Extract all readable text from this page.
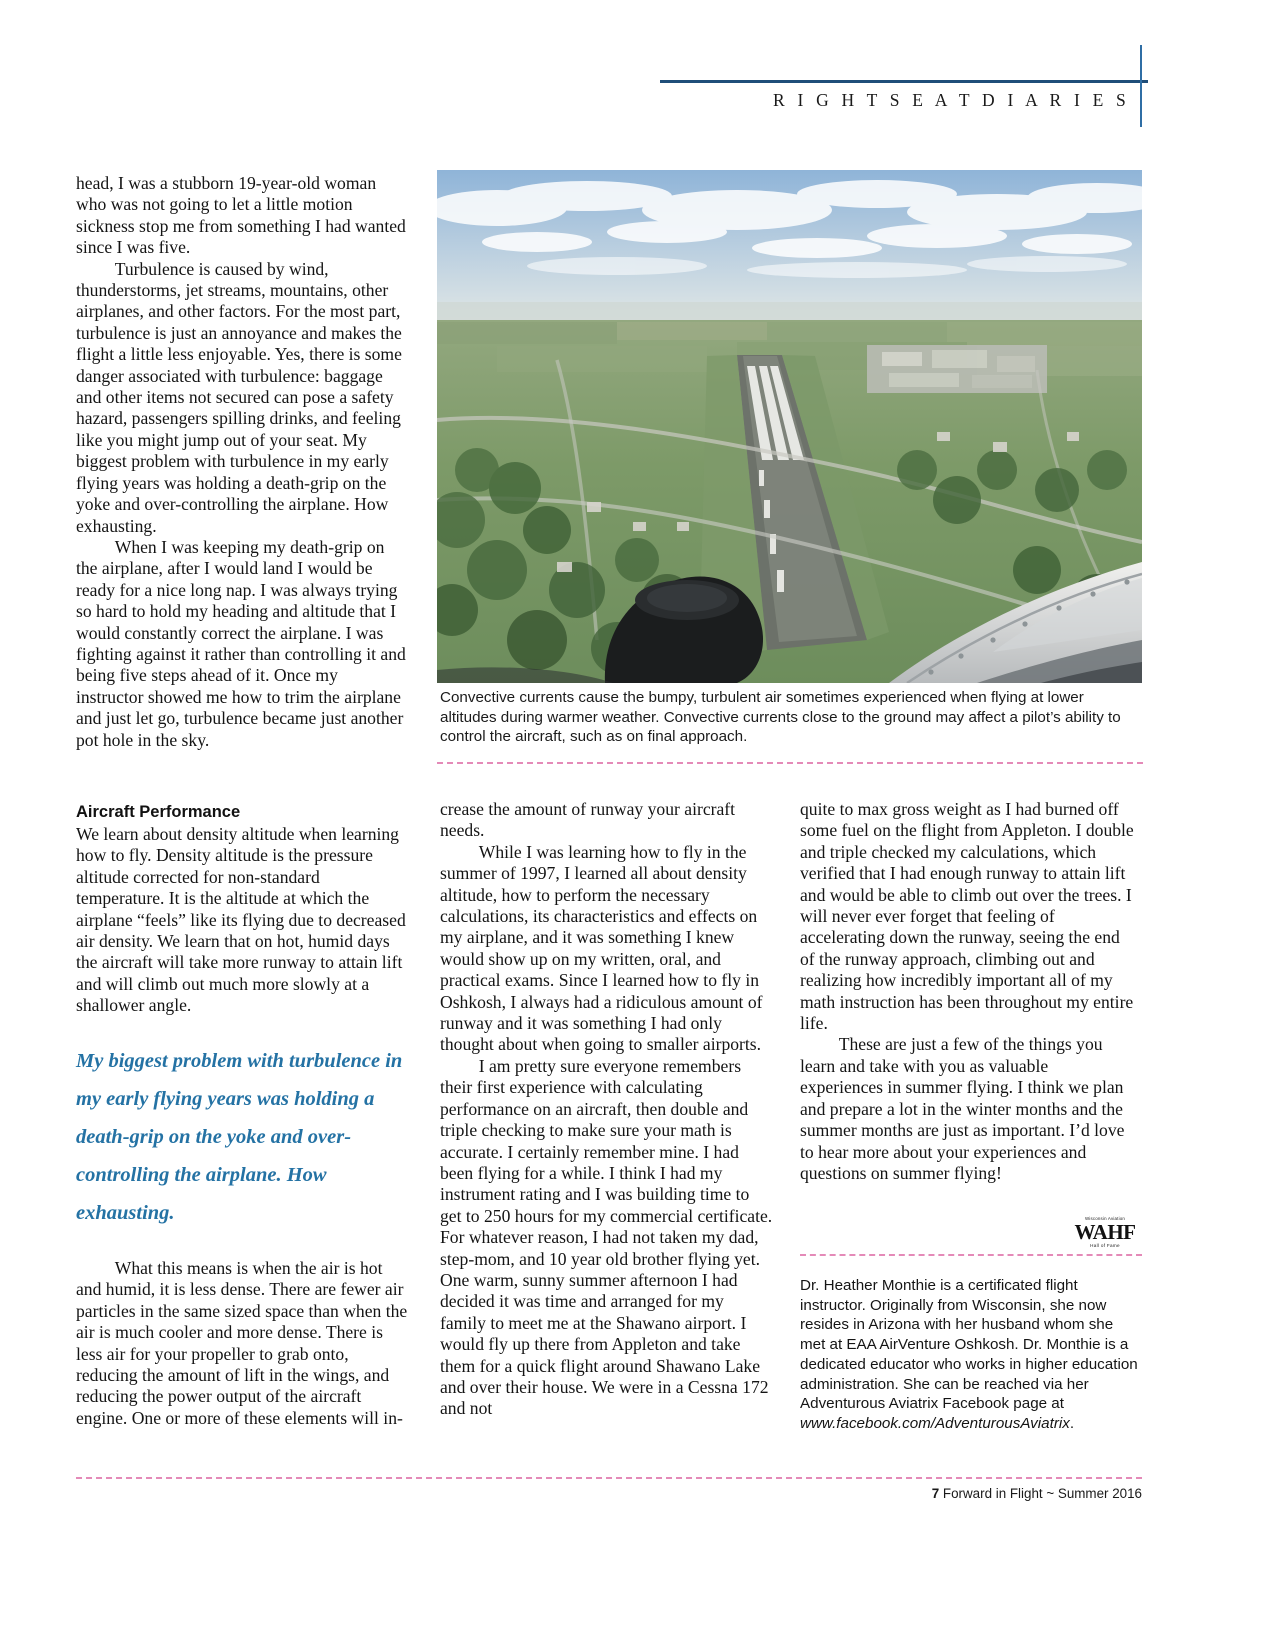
R I G H T S E A T D I A R I E S
Convective currents cause the bumpy, turbulent air sometimes experienced when flying at lower altitudes during warmer weather. Convective currents close to the ground may affect a pilot’s ability to control the aircraft, such as on final approach.

head, I was a stubborn 19-year-old woman who was not going to let a little motion sickness stop me from something I had wanted since I was five.

Turbulence is caused by wind, thunderstorms, jet streams, mountains, other airplanes, and other factors. For the most part, turbulence is just an annoyance and makes the flight a little less enjoyable. Yes, there is some danger associated with turbulence: baggage and other items not secured can pose a safety hazard, passengers spilling drinks, and feeling like you might jump out of your seat. My biggest problem with turbulence in my early flying years was holding a death-grip on the yoke and over-controlling the airplane. How exhausting.

When I was keeping my death-grip on the airplane, after I would land I would be ready for a nice long nap. I was always trying so hard to hold my heading and altitude that I would constantly correct the airplane. I was fighting against it rather than controlling it and being five steps ahead of it. Once my instructor showed me how to trim the airplane and just let go, turbulence became just another pot hole in the sky.

Aircraft Performance

We learn about density altitude when learning how to fly. Density altitude is the pressure altitude corrected for non-standard temperature. It is the altitude at which the airplane “feels” like its flying due to decreased air density. We learn that on hot, humid days the aircraft will take more runway to attain lift and will climb out much more slowly at a shallower angle.

My biggest problem with turbulence in my early flying years was holding a death-grip on the yoke and over-controlling the airplane. How exhausting.

What this means is when the air is hot and humid, it is less dense. There are fewer air particles in the same sized space than when the air is much cooler and more dense. There is less air for your propeller to grab onto, reducing the amount of lift in the wings, and reducing the power output of the aircraft engine. One or more of these elements will in-

crease the amount of runway your aircraft needs.

While I was learning how to fly in the summer of 1997, I learned all about density altitude, how to perform the necessary calculations, its characteristics and effects on my airplane, and it was something I knew would show up on my written, oral, and practical exams. Since I learned how to fly in Oshkosh, I always had a ridiculous amount of runway and it was something I had only thought about when going to smaller airports.

I am pretty sure everyone remembers their first experience with calculating performance on an aircraft, then double and triple checking to make sure your math is accurate. I certainly remember mine. I had been flying for a while. I think I had my instrument rating and I was building time to get to 250 hours for my commercial certificate. For whatever reason, I had not taken my dad, step-mom, and 10 year old brother flying yet. One warm, sunny summer afternoon I had decided it was time and arranged for my family to meet me at the Shawano airport. I would fly up there from Appleton and take them for a quick flight around Shawano Lake and over their house. We were in a Cessna 172 and not

quite to max gross weight as I had burned off some fuel on the flight from Appleton. I double and triple checked my calculations, which verified that I had enough runway to attain lift and would be able to climb out over the trees. I will never ever forget that feeling of accelerating down the runway, seeing the end of the runway approach, climbing out and realizing how incredibly important all of my math instruction has been throughout my entire life.

These are just a few of the things you learn and take with you as valuable experiences in summer flying. I think we plan and prepare a lot in the winter months and the summer months are just as important. I’d love to hear more about your experiences and questions on summer flying!

Wisconsin Aviation
WAHF
Hall of Fame
Dr. Heather Monthie is a certificated flight instructor. Originally from Wisconsin, she now resides in Arizona with her husband whom she met at EAA AirVenture Oshkosh. Dr. Monthie is a dedicated educator who works in higher education administration. She can be reached via her Adventurous Aviatrix Facebook page at www.facebook.com/AdventurousAviatrix.
7 Forward in Flight ~ Summer 2016
